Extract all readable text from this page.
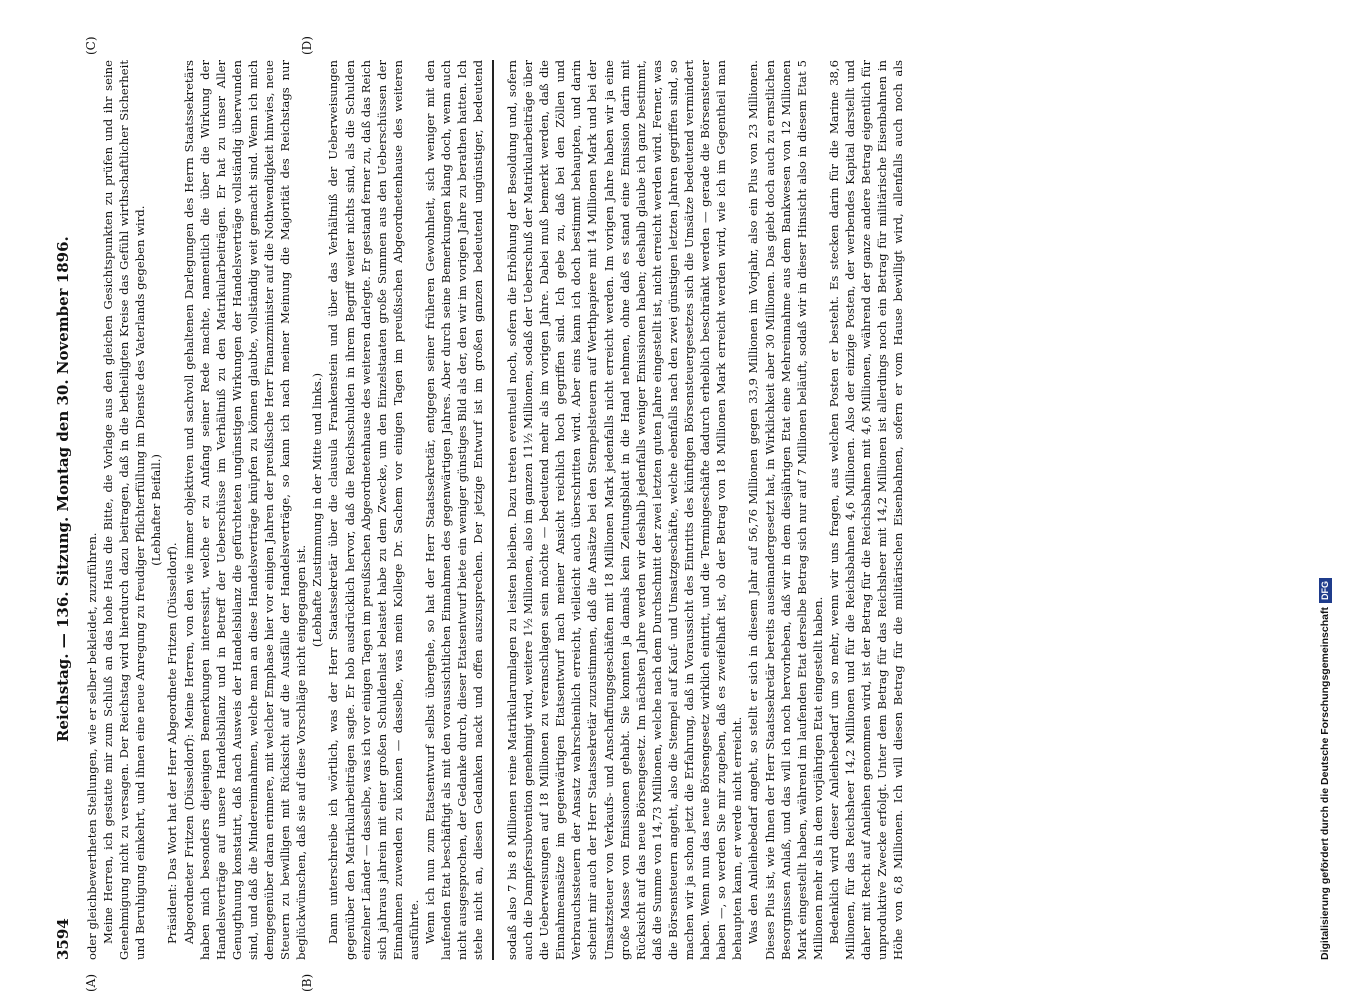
3594
Reichstag. — 136. Sitzung. Montag den 30. November 1896.
(A)	(B)
(C)	(D)

oder gleichbewertheten Stellungen, wie er selber bekleidet, zuzuführen. Meine Herren, ich gestatte mir zum Schluß an das hohe Haus die Bitte, die Vorlage aus den gleichen Gesichtspunkten zu prüfen und ihr seine Genehmigung nicht zu versagen. Der Reichstag wird hierdurch dazu beitragen, daß in die betheiligten Kreise das Gefühl wirthschaftlicher Sicherheit und Beruhigung einkehrt, und ihnen eine neue Anregung zu freudiger Pflichterfüllung im Dienste des Vaterlands gegeben wird. (Lebhafter Beifall.)

Präsident: Das Wort hat der Herr Abgeordnete Fritzen (Düsseldorf). Abgeordneter Fritzen (Düsseldorf): Meine Herren, von den wie immer objektiven und sachvoll gehaltenen Darlegungen des Herrn Staatssekretärs haben mich besonders diejenigen Bemerkungen interessirt, welche er zu Anfang seiner Rede machte, namentlich die über die Wirkung der Handelsverträge auf unsere Handelsbilanz und in Betreff der Ueberschüsse im Verhältniß zu den Matrikularbeiträgen. Er hat zu unser Aller Genugthuung konstatirt, daß nach Ausweis der Handelsbilanz die gefürchteten ungünstigen Wirkungen der Handelsverträge vollständig überwunden sind, und daß die Mindereinnahmen, welche man an diese Handelsverträge knüpfen zu können glaubte, vollständig weit gemacht sind. Wenn ich mich demgegenüber daran erinnere, mit welcher Emphase hier vor einigen Jahren der preußische Herr Finanzminister auf die Nothwendigkeit hinwies, neue Steuern zu bewilligen mit Rücksicht auf die Ausfälle der Handelsverträge, so kann ich nach meiner Meinung die Majorität des Reichstags nur beglückwünschen, daß sie auf diese Vorschläge nicht eingegangen ist.

(Lebhafte Zustimmung in der Mitte und links.) Dann unterschreibe ich wörtlich, was der Herr Staatssekretär über die clausula Frankenstein und über das Verhältniß der Ueberweisungen gegenüber den Matrikularbeiträgen sagte. Er hob ausdrücklich hervor, daß die Reichsschulden in ihrem Begriff weiter nichts sind, als die Schulden einzelner Länder — dasselbe, was ich vor einigen Tagen im preußischen Abgeordnetenhause des weiteren darlegte. Er gestand ferner zu, daß das Reich sich jahraus jahrein mit einer großen Schuldenlast belastet habe zu dem Zwecke, um den Einzelstaaten große Summen aus den Ueberschüssen der Einnahmen zuwenden zu können — dasselbe, was mein Kollege Dr. Sachem vor einigen Tagen im preußischen Abgeordnetenhause des weiteren ausführte. Wenn ich nun zum Etatsentwurf selbst übergehe, so hat der Herr Staatssekretär, entgegen seiner früheren Gewohnheit, sich weniger mit den laufenden Etat beschäftigt als mit den voraussichtlichen Einnahmen des gegenwärtigen Jahres. Aber durch seine Bemerkungen klang doch, wenn auch nicht ausgesprochen, der Gedanke durch, dieser Etatsentwurf biete ein weniger günstiges Bild als der, den wir im vorigen Jahre zu berathen hatten. Ich stehe nicht an, diesen Gedanken nackt und offen auszusprechen. Der jetzige Entwurf ist im großen ganzen bedeutend ungünstiger, bedeutend	sodaß also 7 bis 8 Millionen reine Matrikularumlagen zu leisten bleiben. Dazu treten eventuell noch, sofern die Erhöhung der Besoldung und, sofern auch die Dampfersubvention genehmigt wird, weitere 1½ Millionen, also im ganzen 11½ Millionen, sodaß der Ueberschuß der Matrikularbeiträge über die Ueberweisungen auf 18 Millionen zu veranschlagen sein möchte — bedeutend mehr als im vorigen Jahre. Dabei muß bemerkt werden, daß die Einnahmeansätze im gegenwärtigen Etatsentwurf nach meiner Ansicht reichlich hoch gegriffen sind. Ich gebe zu, daß bei den Zöllen und Verbrauchssteuern der Ansatz wahrscheinlich erreicht, vielleicht auch überschritten wird. Aber eins kann ich doch bestimmt behaupten, und darin scheint mir auch der Herr Staatssekretär zuzustimmen, daß die Ansätze bei den Stempelsteuern auf Werthpapiere mit 14 Millionen Mark und bei der Umsatzsteuer von Verkaufs- und Anschaffungsgeschäften mit 18 Millionen Mark jedenfalls nicht erreicht werden. Im vorigen Jahre haben wir ja eine große Masse von Emissionen gehabt. Sie konnten ja damals kein Zeitungsblatt in die Hand nehmen, ohne daß es stand eine Emission darin mit Rücksicht auf das neue Börsengesetz. Im nächsten Jahre werden wir deshalb jedenfalls weniger Emissionen haben; deshalb glaube ich ganz bestimmt, daß die Summe von 14,73 Millionen, welche nach dem Durchschnitt der zwei letzten guten Jahre eingestellt ist, nicht erreicht werden wird. Ferner, was die Börsensteuern angeht, also die Stempel auf Kauf- und Umsatzgeschäfte, welche ebenfalls nach den zwei günstigen letzten Jahren gegriffen sind, so machen wir ja schon jetzt die Erfahrung, daß in Voraussicht des Eintritts des künftigen Börsensteuergesetzes sich die Umsätze bedeutend vermindert haben. Wenn nun das neue Börsengesetz wirklich eintritt, und die Termingeschäfte dadurch erheblich beschränkt werden — gerade die Börsensteuer haben —, so werden Sie mir zugeben, daß es zweifelhaft ist, ob der Betrag von 18 Millionen Mark erreicht werden wird, wie ich im Gegentheil man behaupten kann, er werde nicht erreicht. Was den Anleihebedarf angeht, so stellt er sich in diesem Jahr auf 56,76 Millionen gegen 33,9 Millionen im Vorjahr, also ein Plus von 23 Millionen. Dieses Plus ist, wie Ihnen der Herr Staatssekretär bereits auseinandergesetzt hat, in Wirklichkeit aber 30 Millionen. Das giebt doch auch zu ernstlichen Besorgnissen Anlaß, und das will ich noch hervorheben, daß wir in dem diesjährigen Etat eine Mehreinnahme aus dem Bankwesen von 12 Millionen Mark eingestellt haben, während im laufenden Etat derselbe Betrag sich nur auf 7 Millionen beläuft, sodaß wir in dieser Hinsicht also in diesem Etat 5 Millionen mehr als in dem vorjährigen Etat eingestellt haben. Bedenklich wird dieser Anleihebedarf um so mehr, wenn wir uns fragen, aus welchen Posten er besteht. Es stecken darin für die Marine 38,6 Millionen, für das Reichsheer 14,2 Millionen und für die Reichsbahnen 4,6 Millionen. Also der einzige Posten, der werbendes Kapital darstellt und daher mit Recht auf Anleihen genommen wird, ist der Betrag für die Reichsbahnen mit 4,6 Millionen, während der ganze andere Betrag eigentlich für unproduktive Zwecke erfolgt. Unter dem Betrag für das Reichsheer mit 14,2 Millionen ist allerdings noch ein Betrag für militärische Eisenbahnen in Höhe von 6,8 Millionen. Ich will diesen Betrag für die militärischen Eisenbahnen, sofern er vom Hause bewilligt wird, allenfalls auch noch als

Digitalisierung gefördert durch die Deutsche Forschungsgemeinschaft
DFG
